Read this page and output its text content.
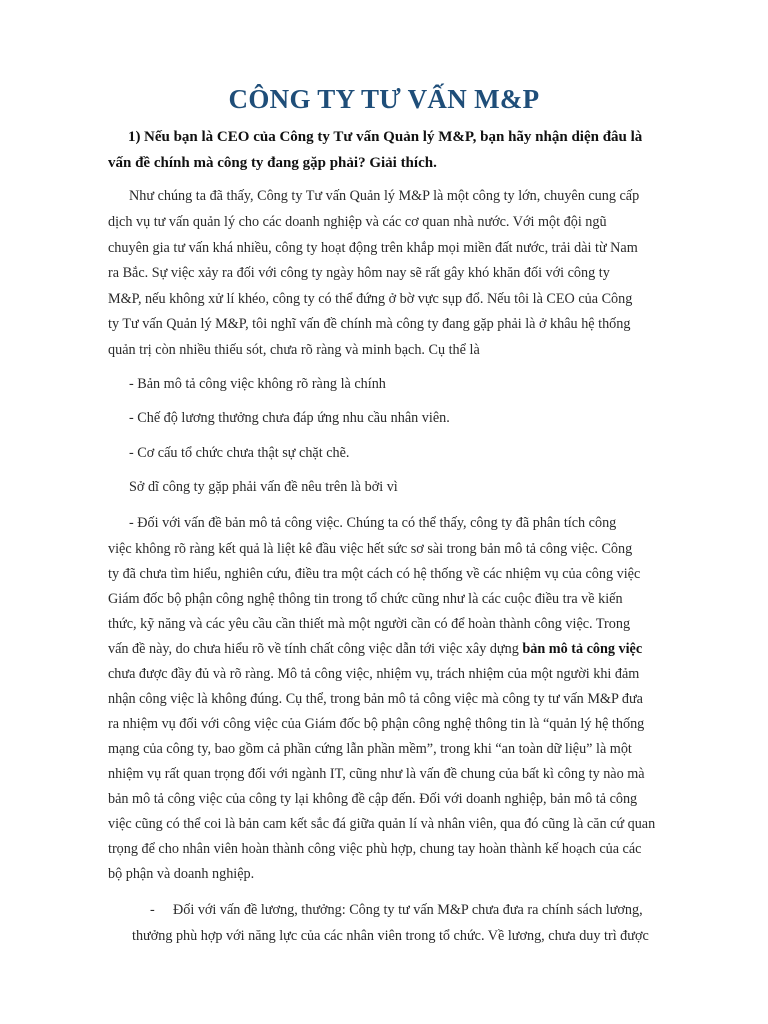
CÔNG TY TƯ VẤN M&P
1) Nếu bạn là CEO của Công ty Tư vấn Quản lý M&P, bạn hãy nhận diện đâu là
vấn đề chính mà công ty đang gặp phải? Giải thích.
Như chúng ta đã thấy, Công ty Tư vấn Quản lý M&P là một công ty lớn, chuyên cung cấp
dịch vụ tư vấn quản lý cho các doanh nghiệp và các cơ quan nhà nước. Với một đội ngũ
chuyên gia tư vấn khá nhiều, công ty hoạt động trên khắp mọi miền đất nước, trải dài từ Nam
ra Bắc. Sự việc xảy ra đối với công ty ngày hôm nay sẽ rất gây khó khăn đối với công ty
M&P, nếu không xử lí khéo, công ty có thể đứng ở bờ vực sụp đổ. Nếu tôi là CEO của Công
ty Tư vấn Quản lý M&P, tôi nghĩ vấn đề chính mà công ty đang gặp phải là ở khâu hệ thống
quản trị còn nhiều thiếu sót, chưa rõ ràng và minh bạch. Cụ thể là
- Bản mô tả công việc không rõ ràng là chính
- Chế độ lương thưởng chưa đáp ứng nhu cầu nhân viên.
- Cơ cấu tổ chức chưa thật sự chặt chẽ.
Sở dĩ công ty gặp phải vấn đề nêu trên là bởi vì
- Đối với vấn đề bản mô tả công việc. Chúng ta có thể thấy, công ty đã phân tích công
việc không rõ ràng kết quả là liệt kê đầu việc hết sức sơ sài trong bản mô tả công việc. Công
ty đã chưa tìm hiểu, nghiên cứu, điều tra một cách có hệ thống về các nhiệm vụ của công việc
Giám đốc bộ phận công nghệ thông tin trong tổ chức cũng như là các cuộc điều tra về kiến
thức, kỹ năng và các yêu cầu cần thiết mà một người cần có để hoàn thành công việc. Trong
vấn đề này, do chưa hiểu rõ về tính chất công việc dẫn tới việc xây dựng bản mô tả công việc
chưa được đầy đủ và rõ ràng. Mô tả công việc, nhiệm vụ, trách nhiệm của một người khi đảm
nhận công việc là không đúng. Cụ thể, trong bản mô tả công việc mà công ty tư vấn M&P đưa
ra nhiệm vụ đối với công việc của Giám đốc bộ phận công nghệ thông tin là “quản lý hệ thống
mạng của công ty, bao gồm cả phần cứng lẫn phần mềm”, trong khi “an toàn dữ liệu” là một
nhiệm vụ rất quan trọng đối với ngành IT, cũng như là vấn đề chung của bất kì công ty nào mà
bản mô tả công việc của công ty lại không đề cập đến. Đối với doanh nghiệp, bản mô tả công
việc cũng có thể coi là bản cam kết sắc đá giữa quản lí và nhân viên, qua đó cũng là căn cứ quan
trọng để cho nhân viên hoàn thành công việc phù hợp, chung tay hoàn thành kế hoạch của các
bộ phận và doanh nghiệp.
- Đối với vấn đề lương, thưởng: Công ty tư vấn M&P chưa đưa ra chính sách lương,
thưởng phù hợp với năng lực của các nhân viên trong tổ chức. Về lương, chưa duy trì được
